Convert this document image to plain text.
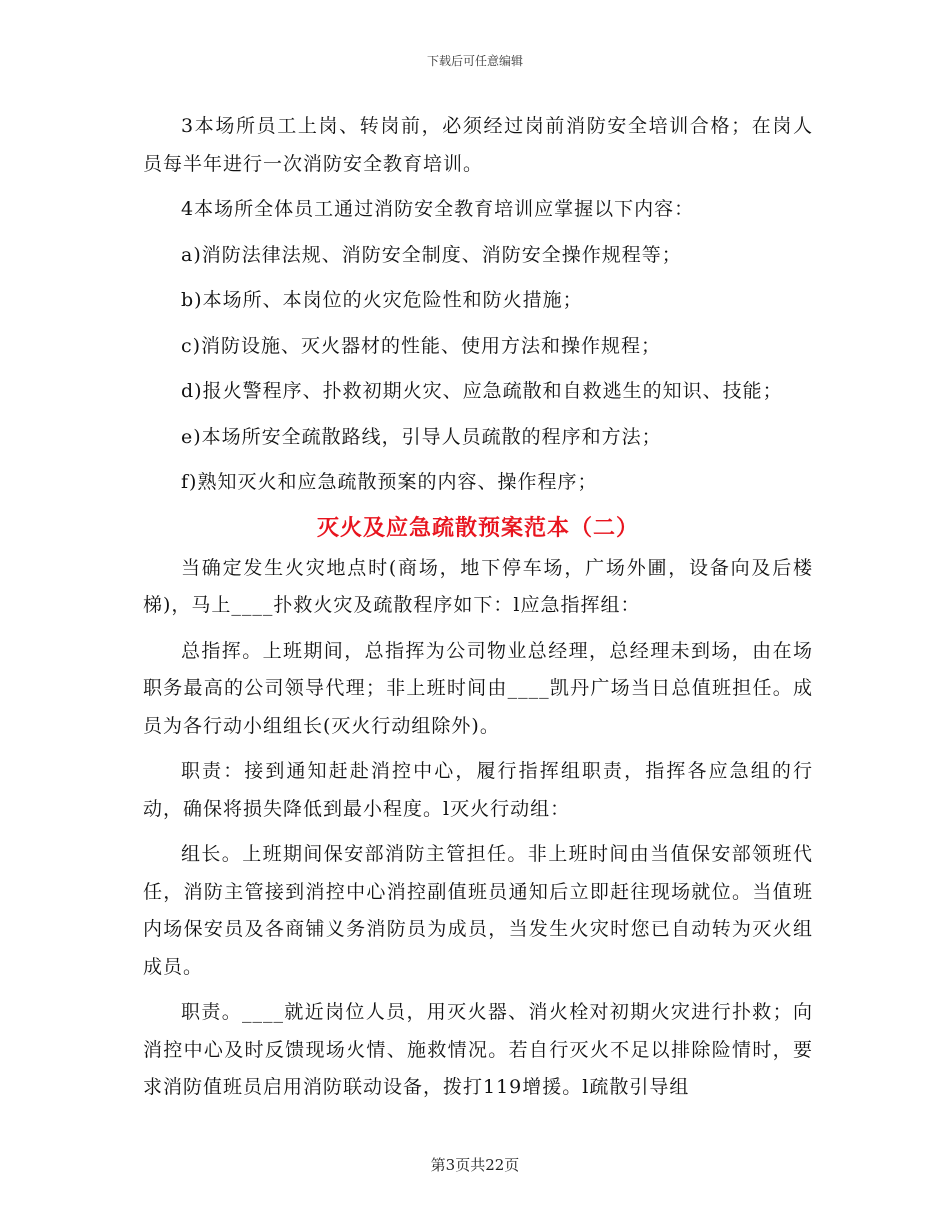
下载后可任意编辑

3本场所员工上岗、转岗前，必须经过岗前消防安全培训合格；在岗人员每半年进行一次消防安全教育培训。

4本场所全体员工通过消防安全教育培训应掌握以下内容：

a)消防法律法规、消防安全制度、消防安全操作规程等；

b)本场所、本岗位的火灾危险性和防火措施；

c)消防设施、灭火器材的性能、使用方法和操作规程；

d)报火警程序、扑救初期火灾、应急疏散和自救逃生的知识、技能；

e)本场所安全疏散路线，引导人员疏散的程序和方法；

f)熟知灭火和应急疏散预案的内容、操作程序；

灭火及应急疏散预案范本（二）

当确定发生火灾地点时(商场，地下停车场，广场外圃，设备向及后楼梯)，马上____扑救火灾及疏散程序如下：l应急指挥组：

总指挥。上班期间，总指挥为公司物业总经理，总经理未到场，由在场职务最高的公司领导代理；非上班时间由____凯丹广场当日总值班担任。成员为各行动小组组长(灭火行动组除外)。

职责：接到通知赶赴消控中心，履行指挥组职责，指挥各应急组的行动，确保将损失降低到最小程度。l灭火行动组：

组长。上班期间保安部消防主管担任。非上班时间由当值保安部领班代任，消防主管接到消控中心消控副值班员通知后立即赶往现场就位。当值班内场保安员及各商铺义务消防员为成员，当发生火灾时您已自动转为灭火组成员。

职责。____就近岗位人员，用灭火器、消火栓对初期火灾进行扑救；向消控中心及时反馈现场火情、施救情况。若自行灭火不足以排除险情时，要求消防值班员启用消防联动设备，拨打119增援。l疏散引导组

第3页共22页
